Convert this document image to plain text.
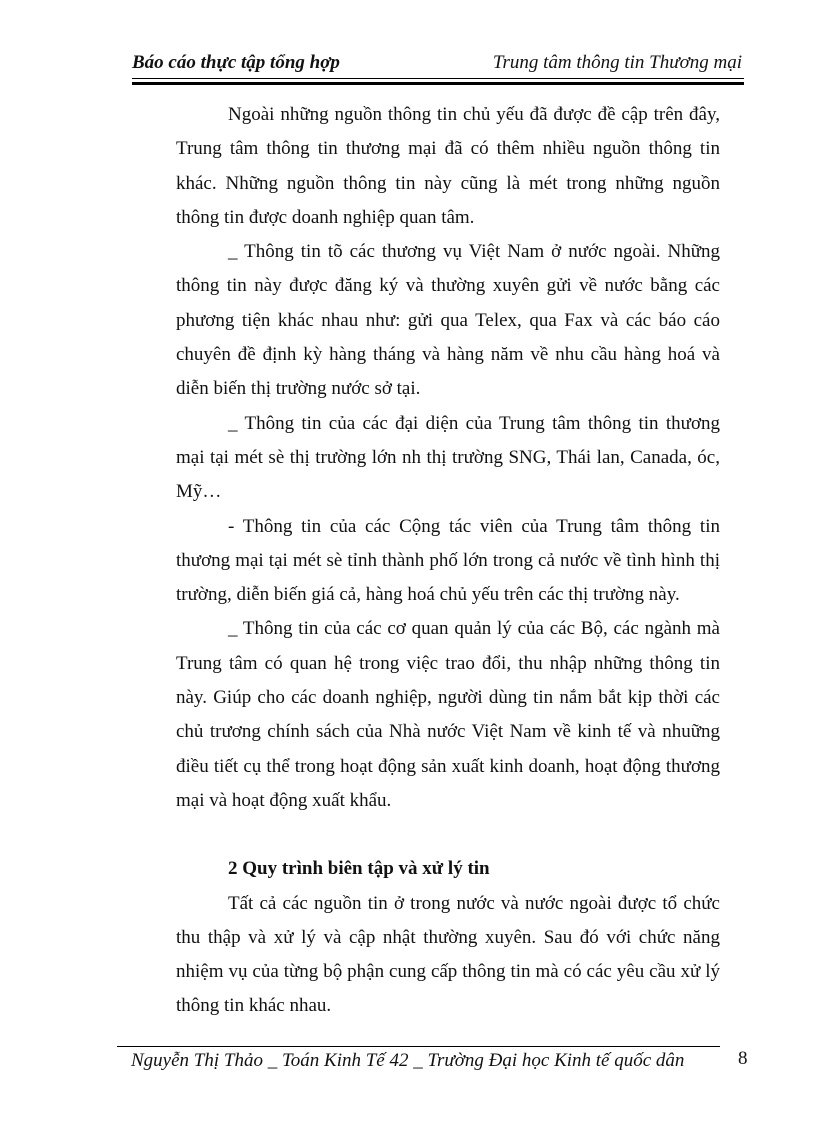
Báo cáo thực tập tổng hợp	Trung tâm thông tin Thương mại

Ngoài những nguồn thông tin chủ yếu đã được đề cập trên đây, Trung tâm thông tin thương mại đã có thêm nhiều nguồn thông tin khác. Những nguồn thông tin này cũng là mét trong những nguồn thông tin được doanh nghiệp quan tâm.

_ Thông tin tõ các thương vụ Việt Nam ở nước ngoài. Những thông tin này được đăng ký và thường xuyên gửi về nước bằng các phương tiện khác nhau như: gửi qua Telex, qua Fax và các báo cáo chuyên đề định kỳ hàng tháng và hàng năm về nhu cầu hàng hoá và diễn biến thị trường nước sở tại.

_ Thông tin của các đại diện của Trung tâm thông tin thương mại tại mét sè thị trường lớn nh thị trường SNG, Thái lan, Canada, óc, Mỹ…

- Thông tin của các Cộng tác viên của Trung tâm thông tin thương mại tại mét sè tỉnh thành phố lớn trong cả nước về tình hình thị trường, diễn biến giá cả, hàng hoá chủ yếu trên các thị trường này.

_ Thông tin của các cơ quan quản lý của các Bộ, các ngành mà Trung tâm có quan hệ trong việc trao đổi, thu nhập những thông tin này. Giúp cho các doanh nghiệp, người dùng tin nắm bắt kịp thời các chủ trương chính sách của Nhà nước Việt Nam về kinh tế và nhuững điều tiết cụ thể trong hoạt động sản xuất kinh doanh, hoạt động thương mại và hoạt động xuất khẩu.

2 Quy trình biên tập và xử lý tin

Tất cả các nguồn tin ở trong nước và nước ngoài được tổ chức thu thập và xử lý và cập nhật thường xuyên. Sau đó với chức năng nhiệm vụ của từng bộ phận cung cấp thông tin mà có các yêu cầu xử lý thông tin khác nhau.

Nguyễn Thị Thảo _ Toán Kinh Tế 42 _ Trường Đại học Kinh tế quốc dân	8
